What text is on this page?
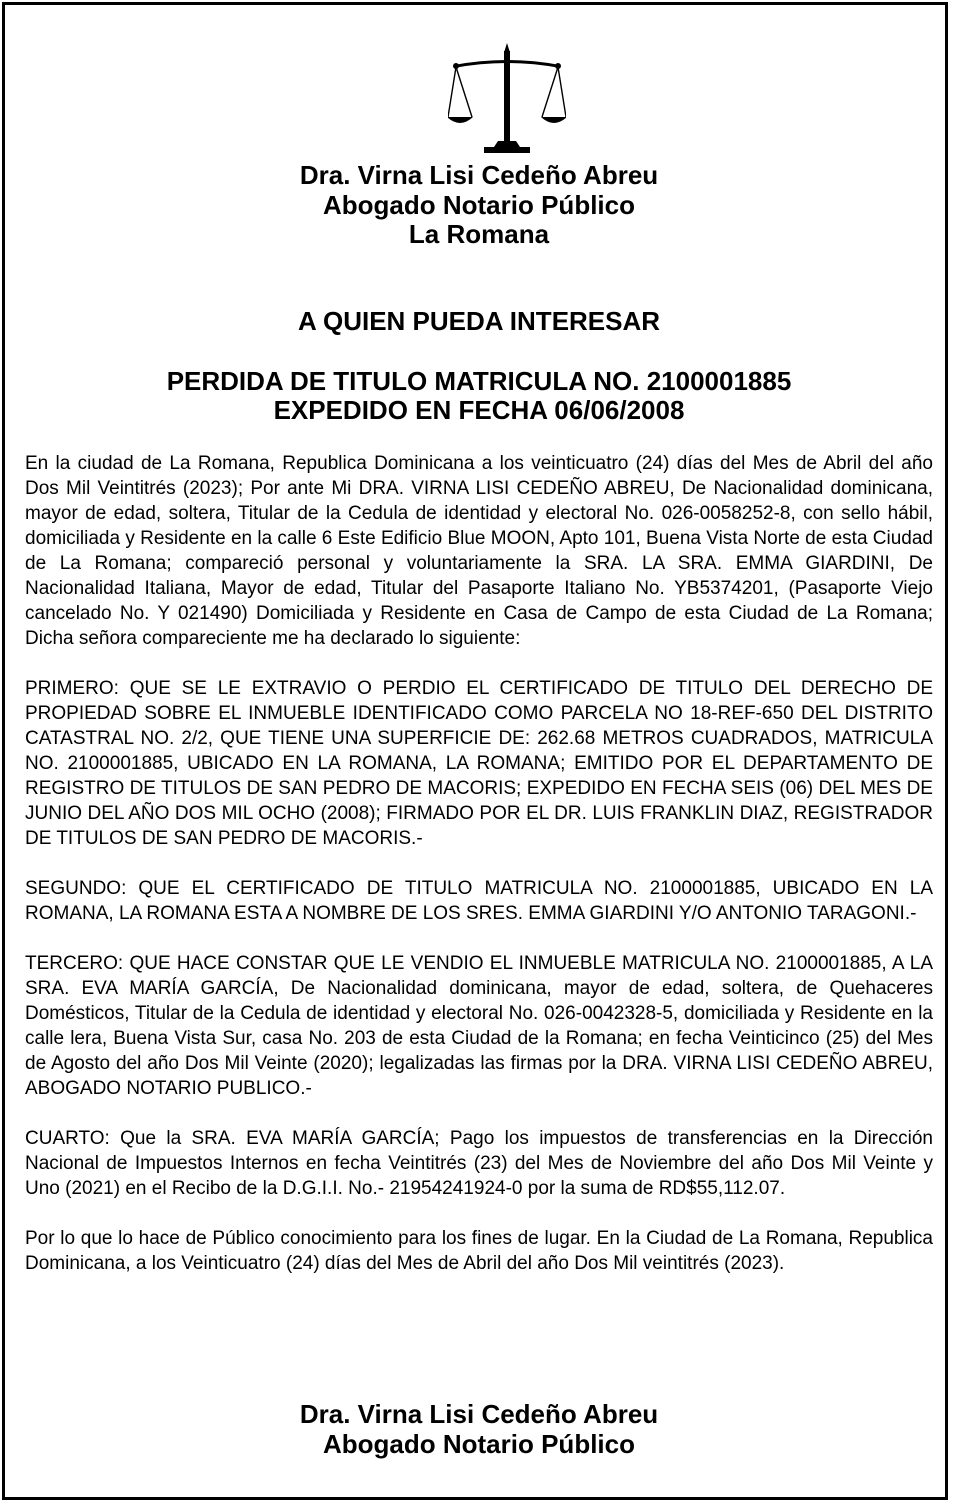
Dra. Virna Lisi Cedeño Abreu
Abogado Notario Público
La Romana
A QUIEN PUEDA INTERESAR
PERDIDA DE TITULO MATRICULA NO. 2100001885
EXPEDIDO EN FECHA 06/06/2008

En la ciudad de La Romana, Republica Dominicana a los veinticuatro (24) días del Mes de Abril del año Dos Mil Veintitrés (2023); Por ante Mi DRA. VIRNA LISI CEDEÑO ABREU, De Nacionalidad dominicana, mayor de edad, soltera, Titular de la Cedula de identidad y electoral No. 026-0058252-8, con sello hábil, domiciliada y Residente en la calle 6 Este Edificio Blue MOON, Apto 101, Buena Vista Norte de esta Ciudad de La Romana; compareció personal y voluntariamente la SRA. LA SRA. EMMA GIARDINI, De Nacionalidad Italiana, Mayor de edad, Titular del Pasaporte Italiano No. YB5374201, (Pasaporte Viejo cancelado No. Y 021490) Domiciliada y Residente en Casa de Campo de esta Ciudad de La Romana; Dicha señora compareciente me ha declarado lo siguiente:

PRIMERO: QUE SE LE EXTRAVIO O PERDIO EL CERTIFICADO DE TITULO DEL DERECHO DE PROPIEDAD SOBRE EL INMUEBLE IDENTIFICADO COMO PARCELA NO 18-REF-650 DEL DISTRITO CATASTRAL NO. 2/2, QUE TIENE UNA SUPERFICIE DE: 262.68 METROS CUADRADOS, MATRICULA NO. 2100001885, UBICADO EN LA ROMANA, LA ROMANA; EMITIDO POR EL DEPARTAMENTO DE REGISTRO DE TITULOS DE SAN PEDRO DE MACORIS; EXPEDIDO EN FECHA SEIS (06) DEL MES DE JUNIO DEL AÑO DOS MIL OCHO (2008); FIRMADO POR EL DR. LUIS FRANKLIN DIAZ, REGISTRADOR DE TITULOS DE SAN PEDRO DE MACORIS.-

SEGUNDO: QUE EL CERTIFICADO DE TITULO MATRICULA NO. 2100001885, UBICADO EN LA ROMANA, LA ROMANA ESTA A NOMBRE DE LOS SRES. EMMA GIARDINI Y/O ANTONIO TARAGONI.-

TERCERO: QUE HACE CONSTAR QUE LE VENDIO EL INMUEBLE MATRICULA NO. 2100001885, A LA SRA. EVA MARÍA GARCÍA, De Nacionalidad dominicana, mayor de edad, soltera, de Quehaceres Domésticos, Titular de la Cedula de identidad y electoral No. 026-0042328-5, domiciliada y Residente en la calle lera, Buena Vista Sur, casa No. 203 de esta Ciudad de la Romana; en fecha Veinticinco (25) del Mes de Agosto del año Dos Mil Veinte (2020); legalizadas las firmas por la DRA. VIRNA LISI CEDEÑO ABREU, ABOGADO NOTARIO PUBLICO.-

CUARTO: Que la SRA. EVA MARÍA GARCÍA; Pago los impuestos de transferencias en la Dirección Nacional de Impuestos Internos en fecha Veintitrés (23) del Mes de Noviembre del año Dos Mil Veinte y Uno (2021) en el Recibo de la D.G.I.I. No.- 21954241924-0 por la suma de RD$55,112.07.

Por lo que lo hace de Público conocimiento para los fines de lugar. En la Ciudad de La Romana, Republica Dominicana, a los Veinticuatro (24) días del Mes de Abril del año Dos Mil veintitrés (2023).

Dra. Virna Lisi Cedeño Abreu
Abogado Notario Público
